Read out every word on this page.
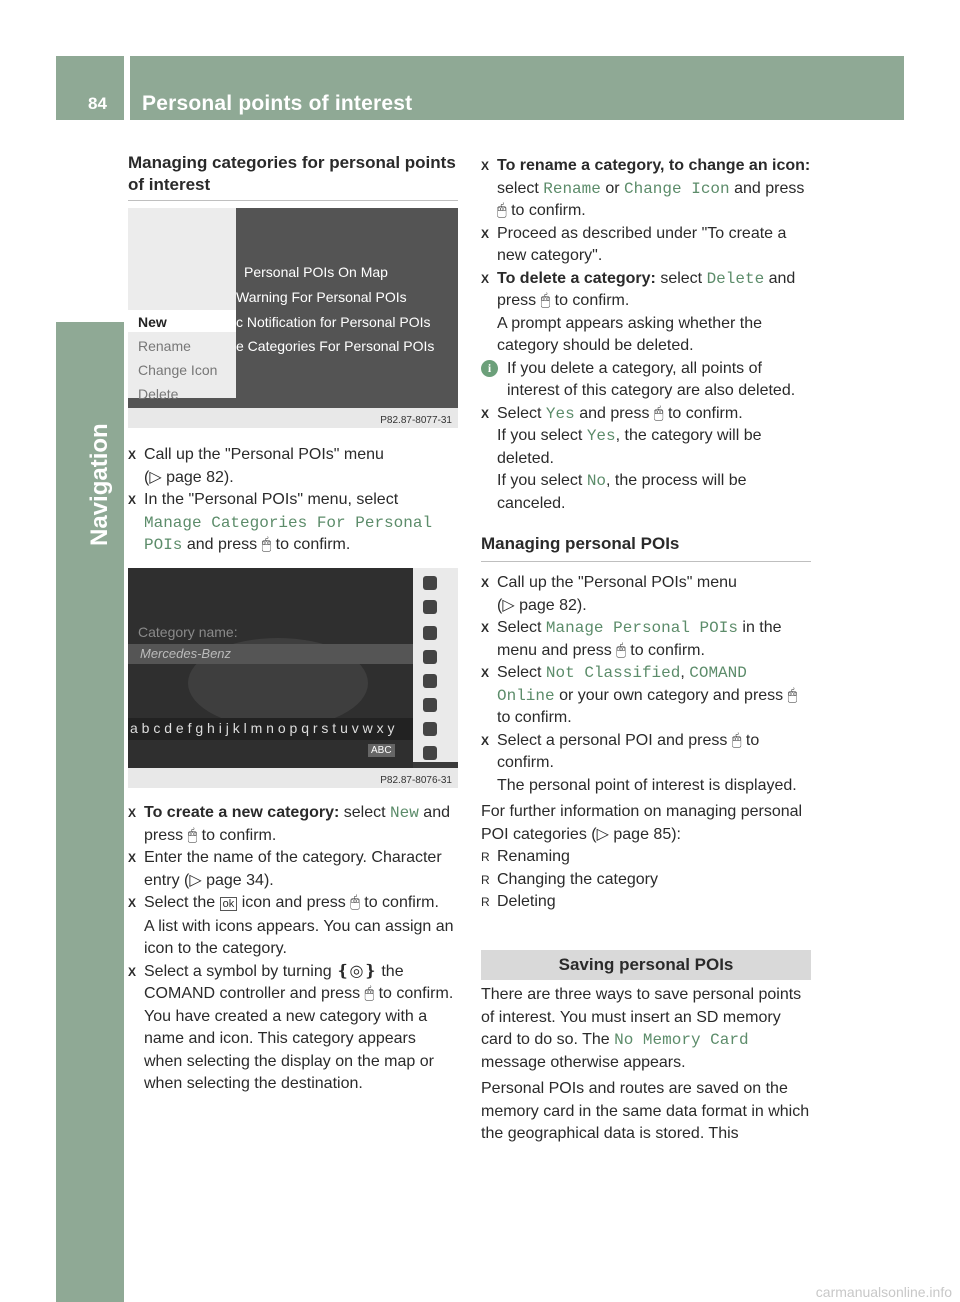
84 Personal points of interest
Navigation

Managing categories for personal points of interest

New
Rename
Change Icon
Delete
Personal POIs On Map
Warning For Personal POIs
c Notification for Personal POIs
e Categories For Personal POIs
P82.87-8077-31

X Call up the "Personal POIs" menu
(▷ page 82).

X In the "Personal POIs" menu, select
Manage Categories For Personal POIs and press 🖱 to confirm.

Category name:
Mercedes-Benz
a b c d e f g h i j k l m n o p q r s t u v w x y
ABC
P82.87-8076-31

X To create a new category: select New and press 🖱 to confirm.

X Enter the name of the category. Character entry (▷ page 34).

X Select the ok icon and press 🖱 to confirm.
A list with icons appears. You can assign an icon to the category.

X Select a symbol by turning ❴◎❵ the COMAND controller and press 🖱 to confirm.
You have created a new category with a name and icon. This category appears when selecting the display on the map or when selecting the destination.

X To rename a category, to change an icon: select Rename or Change Icon and press 🖱 to confirm.

X Proceed as described under "To create a new category".

X To delete a category: select Delete and press 🖱 to confirm.
A prompt appears asking whether the category should be deleted.

i If you delete a category, all points of interest of this category are also deleted.

X Select Yes and press 🖱 to confirm.
If you select Yes, the category will be deleted.
If you select No, the process will be canceled.

Managing personal POIs

X Call up the "Personal POIs" menu
(▷ page 82).

X Select Manage Personal POIs in the menu and press 🖱 to confirm.

X Select Not Classified, COMAND Online or your own category and press 🖱 to confirm.

X Select a personal POI and press 🖱 to confirm.
The personal point of interest is displayed.

For further information on managing personal POI categories (▷ page 85):

R Renaming

R Changing the category

R Deleting

Saving personal POIs

There are three ways to save personal points of interest. You must insert an SD memory card to do so. The No Memory Card message otherwise appears.

Personal POIs and routes are saved on the memory card in the same data format in which the geographical data is stored. This

carmanualsonline.info
